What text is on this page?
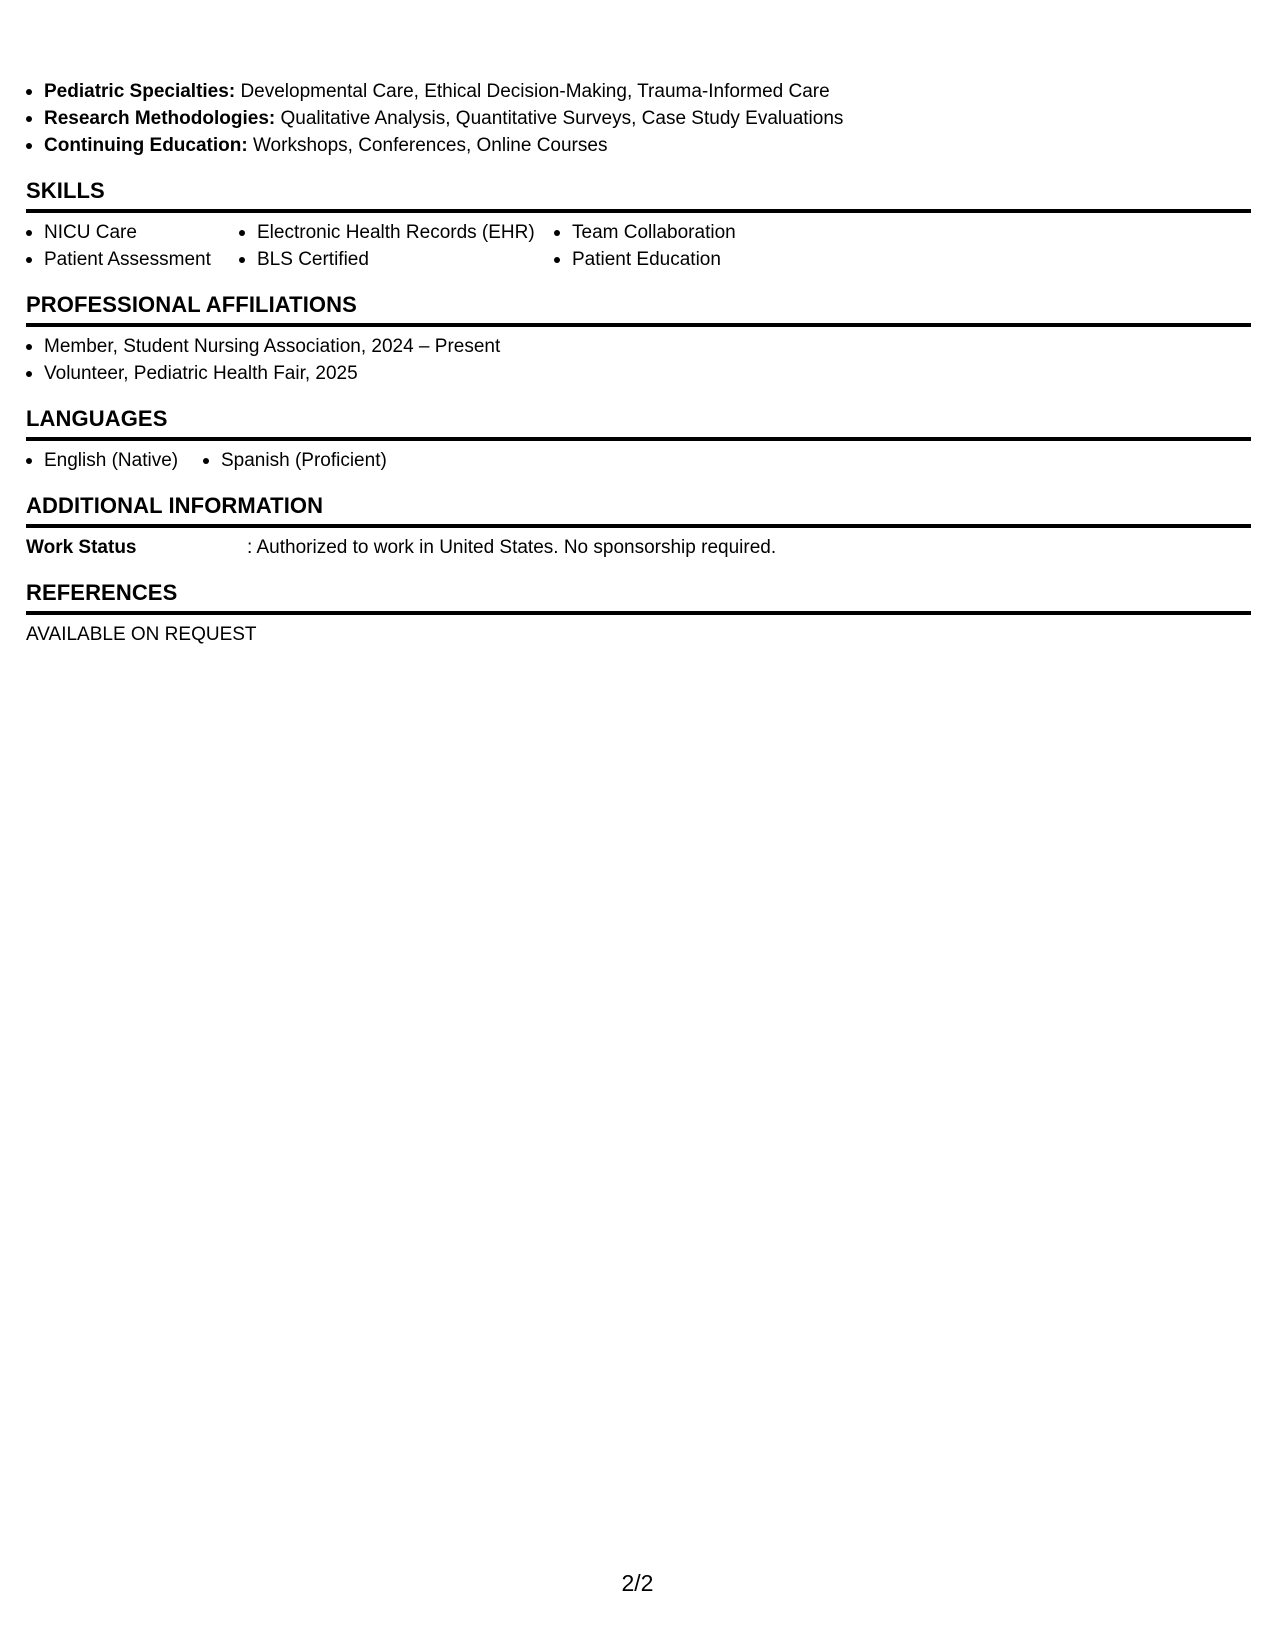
Pediatric Specialties: Developmental Care, Ethical Decision-Making, Trauma-Informed Care
Research Methodologies: Qualitative Analysis, Quantitative Surveys, Case Study Evaluations
Continuing Education: Workshops, Conferences, Online Courses
SKILLS
NICU Care
Patient Assessment
Electronic Health Records (EHR)
BLS Certified
Team Collaboration
Patient Education
PROFESSIONAL AFFILIATIONS
Member, Student Nursing Association, 2024 – Present
Volunteer, Pediatric Health Fair, 2025
LANGUAGES
English (Native)	Spanish (Proficient)
ADDITIONAL INFORMATION
Work Status	: Authorized to work in United States. No sponsorship required.
REFERENCES
AVAILABLE ON REQUEST
2/2
